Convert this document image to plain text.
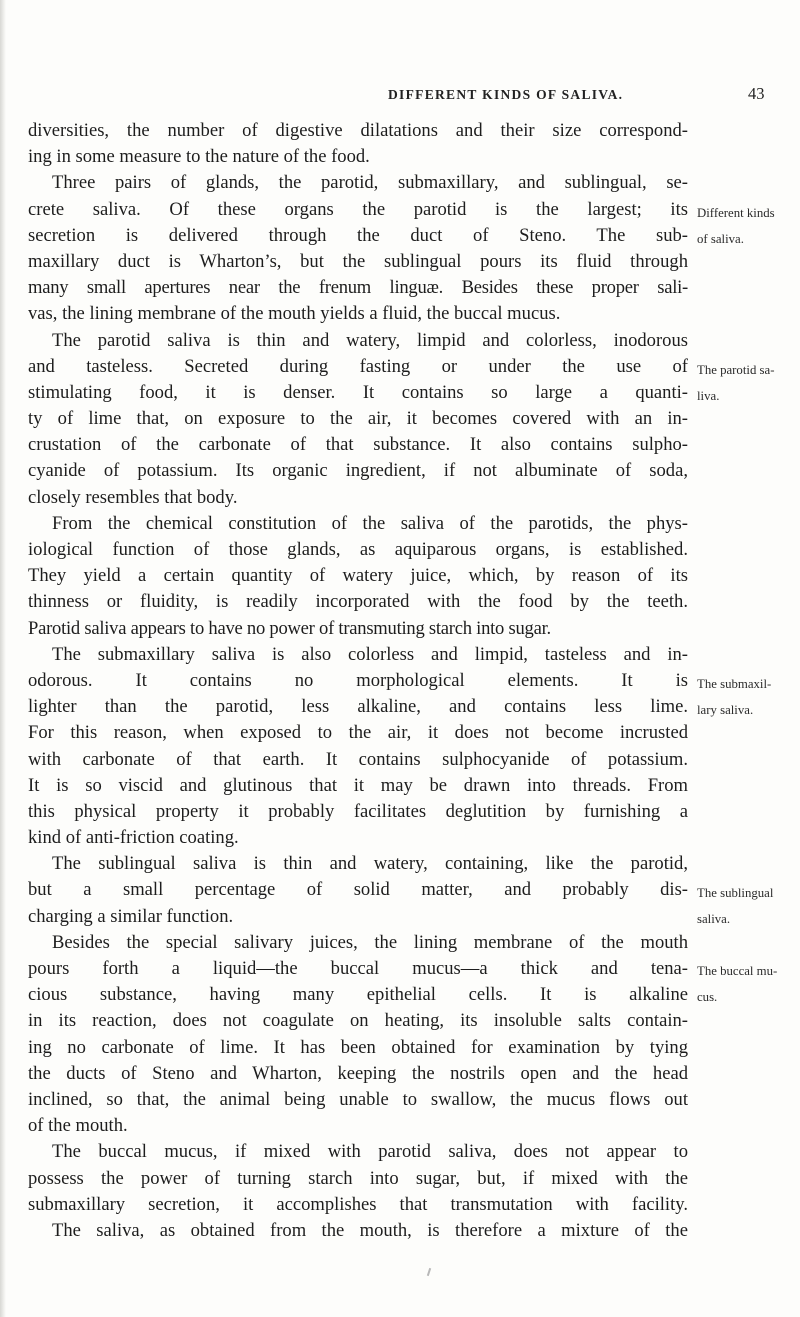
DIFFERENT KINDS OF SALIVA.	43
diversities, the number of digestive dilatations and their size correspond-
ing in some measure to the nature of the food.
Three pairs of glands, the parotid, submaxillary, and sublingual, se-
crete saliva. Of these organs the parotid is the largest; its
secretion is delivered through the duct of Steno. The sub-
maxillary duct is Wharton’s, but the sublingual pours its fluid through
many small apertures near the frenum linguæ. Besides these proper sali-
vas, the lining membrane of the mouth yields a fluid, the buccal mucus.
The parotid saliva is thin and watery, limpid and colorless, inodorous
and tasteless. Secreted during fasting or under the use of
stimulating food, it is denser. It contains so large a quanti-
ty of lime that, on exposure to the air, it becomes covered with an in-
crustation of the carbonate of that substance. It also contains sulpho-
cyanide of potassium. Its organic ingredient, if not albuminate of soda,
closely resembles that body.
From the chemical constitution of the saliva of the parotids, the phys-
iological function of those glands, as aquiparous organs, is established.
They yield a certain quantity of watery juice, which, by reason of its
thinness or fluidity, is readily incorporated with the food by the teeth.
Parotid saliva appears to have no power of transmuting starch into sugar.
The submaxillary saliva is also colorless and limpid, tasteless and in-
odorous. It contains no morphological elements. It is
lighter than the parotid, less alkaline, and contains less lime.
For this reason, when exposed to the air, it does not become incrusted
with carbonate of that earth. It contains sulphocyanide of potassium.
It is so viscid and glutinous that it may be drawn into threads. From
this physical property it probably facilitates deglutition by furnishing a
kind of anti-friction coating.
The sublingual saliva is thin and watery, containing, like the parotid,
but a small percentage of solid matter, and probably dis-
charging a similar function.
Besides the special salivary juices, the lining membrane of the mouth
pours forth a liquid—the buccal mucus—a thick and tena-
cious substance, having many epithelial cells. It is alkaline
in its reaction, does not coagulate on heating, its insoluble salts contain-
ing no carbonate of lime. It has been obtained for examination by tying
the ducts of Steno and Wharton, keeping the nostrils open and the head
inclined, so that, the animal being unable to swallow, the mucus flows out
of the mouth.
The buccal mucus, if mixed with parotid saliva, does not appear to
possess the power of turning starch into sugar, but, if mixed with the
submaxillary secretion, it accomplishes that transmutation with facility.
The saliva, as obtained from the mouth, is therefore a mixture of the
Different kinds
of saliva.
The parotid sa-
liva.
The submaxil-
lary saliva.
The sublingual
saliva.
The buccal mu-
cus.
